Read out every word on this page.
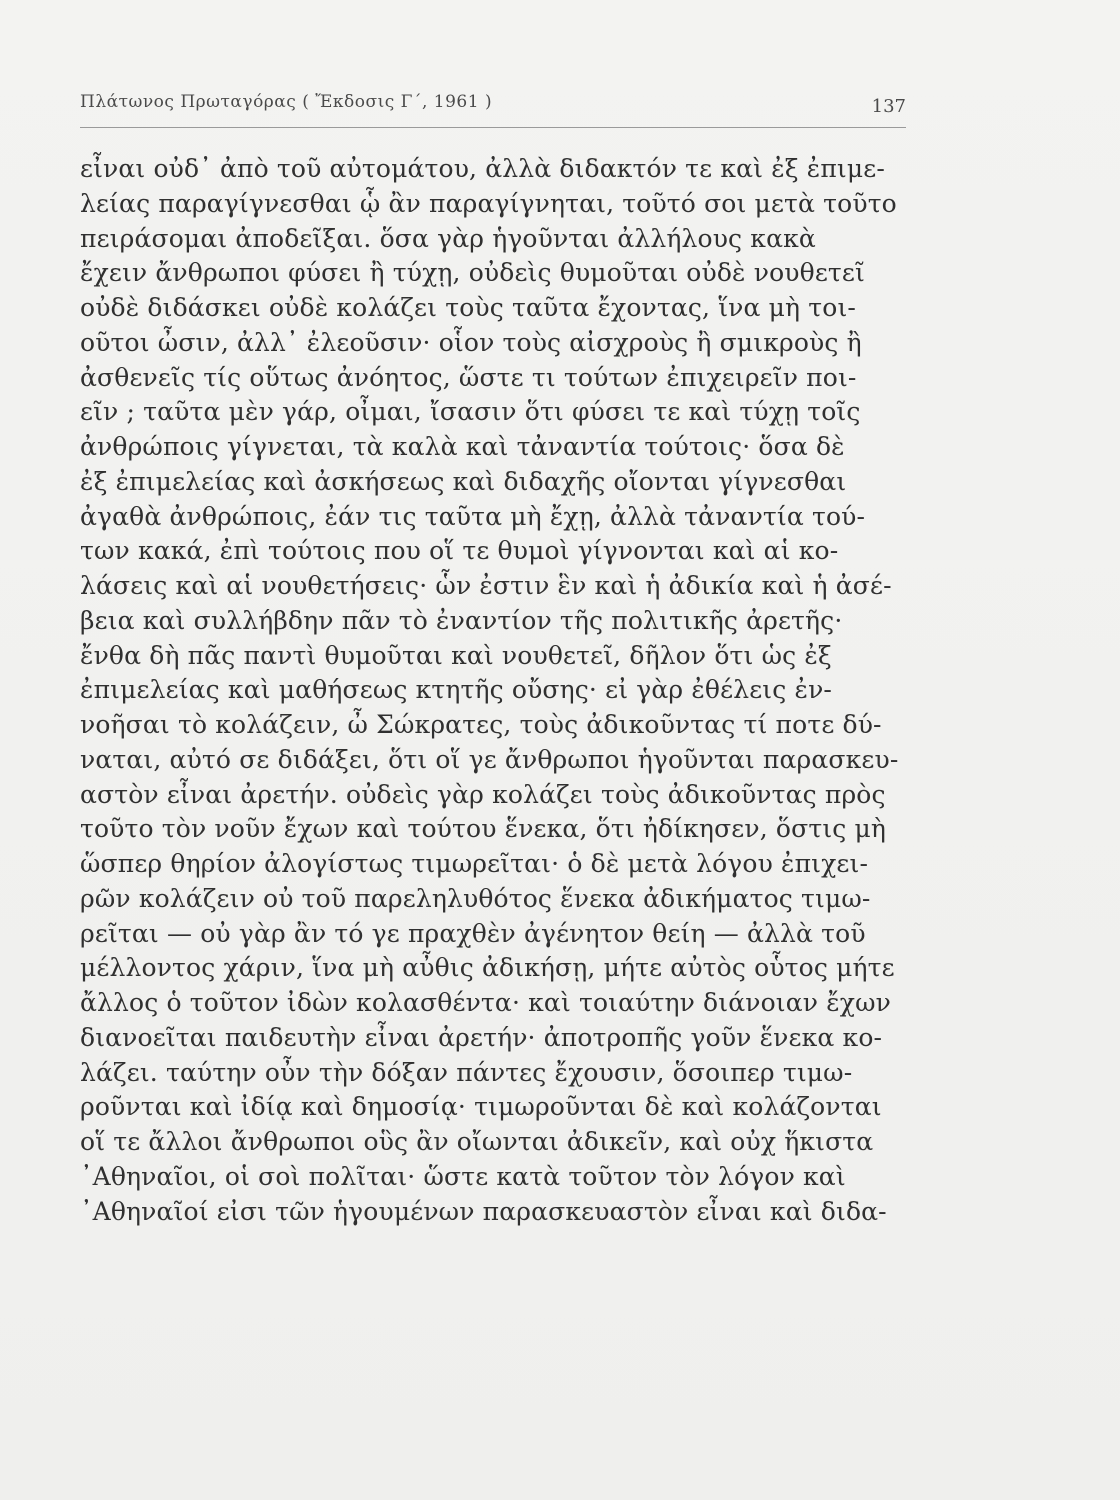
Πλάτωνος Πρωταγόρας ( Ἔκδοσις Γ΄, 1961 )	137
εἶναι οὐδ᾽ ἀπὸ τοῦ αὐτομάτου, ἀλλὰ διδακτόν τε καὶ ἐξ ἐπιμε-
λείας παραγίγνεσθαι ᾧ ἂν παραγίγνηται, τοῦτό σοι μετὰ τοῦτο
πειράσομαι ἀποδεῖξαι. ὅσα γὰρ ἡγοῦνται ἀλλήλους κακὰ
ἔχειν ἄνθρωποι φύσει ἢ τύχῃ, οὐδεὶς θυμοῦται οὐδὲ νουθετεῖ
οὐδὲ διδάσκει οὐδὲ κολάζει τοὺς ταῦτα ἔχοντας, ἵνα μὴ τοι-
οῦτοι ὦσιν, ἀλλ᾽ ἐλεοῦσιν· οἷον τοὺς αἰσχροὺς ἢ σμικροὺς ἢ
ἀσθενεῖς τίς οὕτως ἀνόητος, ὥστε τι τούτων ἐπιχειρεῖν ποι-
εῖν ; ταῦτα μὲν γάρ, οἶμαι, ἴσασιν ὅτι φύσει τε καὶ τύχῃ τοῖς
ἀνθρώποις γίγνεται, τὰ καλὰ καὶ τἀναντία τούτοις· ὅσα δὲ
ἐξ ἐπιμελείας καὶ ἀσκήσεως καὶ διδαχῆς οἴονται γίγνεσθαι
ἀγαθὰ ἀνθρώποις, ἐάν τις ταῦτα μὴ ἔχῃ, ἀλλὰ τἀναντία τού-
των κακά, ἐπὶ τούτοις που οἵ τε θυμοὶ γίγνονται καὶ αἱ κο-
λάσεις καὶ αἱ νουθετήσεις· ὧν ἐστιν ἓν καὶ ἡ ἀδικία καὶ ἡ ἀσέ-
βεια καὶ συλλήβδην πᾶν τὸ ἐναντίον τῆς πολιτικῆς ἀρετῆς·
ἔνθα δὴ πᾶς παντὶ θυμοῦται καὶ νουθετεῖ, δῆλον ὅτι ὡς ἐξ
ἐπιμελείας καὶ μαθήσεως κτητῆς οὔσης· εἰ γὰρ ἐθέλεις ἐν-
νοῆσαι τὸ κολάζειν, ὦ Σώκρατες, τοὺς ἀδικοῦντας τί ποτε δύ-
ναται, αὐτό σε διδάξει, ὅτι οἵ γε ἄνθρωποι ἡγοῦνται παρασκευ-
αστὸν εἶναι ἀρετήν. οὐδεὶς γὰρ κολάζει τοὺς ἀδικοῦντας πρὸς
τοῦτο τὸν νοῦν ἔχων καὶ τούτου ἕνεκα, ὅτι ἠδίκησεν, ὅστις μὴ
ὥσπερ θηρίον ἀλογίστως τιμωρεῖται· ὁ δὲ μετὰ λόγου ἐπιχει-
ρῶν κολάζειν οὐ τοῦ παρεληλυθότος ἕνεκα ἀδικήματος τιμω-
ρεῖται — οὐ γὰρ ἂν τό γε πραχθὲν ἀγένητον θείη — ἀλλὰ τοῦ
μέλλοντος χάριν, ἵνα μὴ αὖθις ἀδικήσῃ, μήτε αὐτὸς οὗτος μήτε
ἄλλος ὁ τοῦτον ἰδὼν κολασθέντα· καὶ τοιαύτην διάνοιαν ἔχων
διανοεῖται παιδευτὴν εἶναι ἀρετήν· ἀποτροπῆς γοῦν ἕνεκα κο-
λάζει. ταύτην οὖν τὴν δόξαν πάντες ἔχουσιν, ὅσοιπερ τιμω-
ροῦνται καὶ ἰδίᾳ καὶ δημοσίᾳ· τιμωροῦνται δὲ καὶ κολάζονται
οἵ τε ἄλλοι ἄνθρωποι οὓς ἂν οἴωνται ἀδικεῖν, καὶ οὐχ ἥκιστα
᾽Αθηναῖοι, οἱ σοὶ πολῖται· ὥστε κατὰ τοῦτον τὸν λόγον καὶ
᾽Αθηναῖοί εἰσι τῶν ἡγουμένων παρασκευαστὸν εἶναι καὶ διδα-
